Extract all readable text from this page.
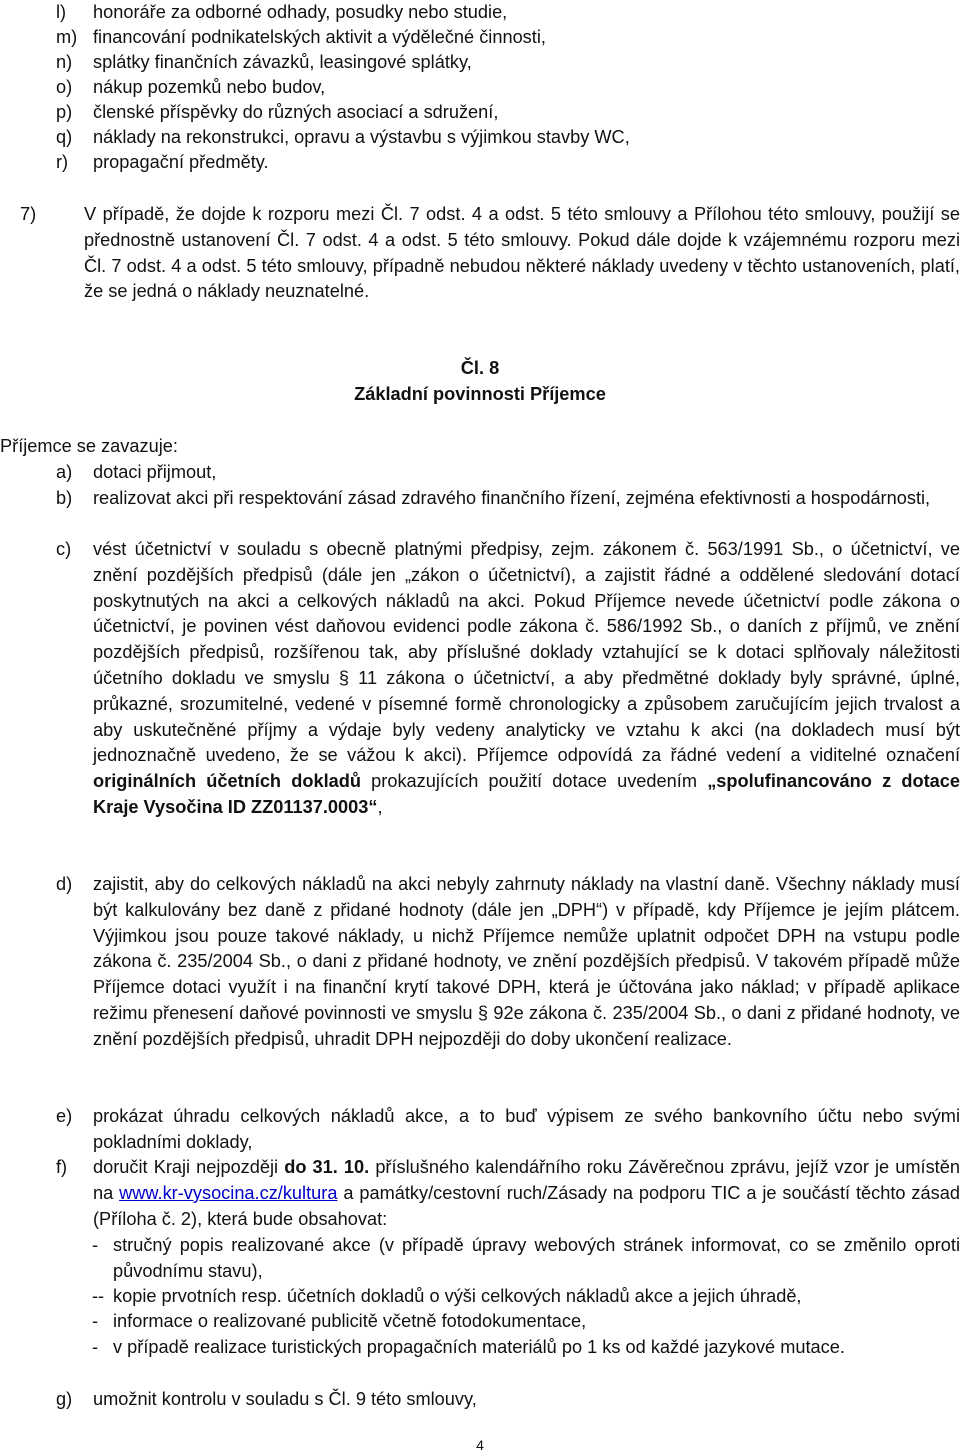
l)	honoráře za odborné odhady, posudky nebo studie,
m) financování podnikatelských aktivit a výdělečné činnosti,
n)	splátky finančních závazků, leasingové splátky,
o)	nákup pozemků nebo budov,
p)	členské příspěvky do různých asociací a sdružení,
q)	náklady na rekonstrukci, opravu a výstavbu s výjimkou stavby WC,
r)	propagační předměty.
7)	V případě, že dojde k rozporu mezi Čl. 7 odst. 4 a odst. 5 této smlouvy a Přílohou této smlouvy, použijí se přednostně ustanovení Čl. 7 odst. 4 a odst. 5 této smlouvy. Pokud dále dojde k vzájemnému rozporu mezi Čl. 7 odst. 4 a odst. 5 této smlouvy, případně nebudou některé náklady uvedeny v těchto ustanoveních, platí, že se jedná o náklady neuznatelné.
Čl. 8
Základní povinnosti Příjemce
Příjemce se zavazuje:
a)	dotaci přijmout,
b)	realizovat akci při respektování zásad zdravého finančního řízení, zejména efektivnosti a hospodárnosti,
c)	vést účetnictví v souladu s obecně platnými předpisy, zejm. zákonem č. 563/1991 Sb., o účetnictví, ve znění pozdějších předpisů (dále jen „zákon o účetnictví), a zajistit řádné a oddělené sledování dotací poskytnutých na akci a celkových nákladů na akci. Pokud Příjemce nevede účetnictví podle zákona o účetnictví, je povinen vést daňovou evidenci podle zákona č. 586/1992 Sb., o daních z příjmů, ve znění pozdějších předpisů, rozšířenou tak, aby příslušné doklady vztahující se k dotaci splňovaly náležitosti účetního dokladu ve smyslu § 11 zákona o účetnictví, a aby předmětné doklady byly správné, úplné, průkazné, srozumitelné, vedené v písemné formě chronologicky a způsobem zaručujícím jejich trvalost a aby uskutečněné příjmy a výdaje byly vedeny analyticky ve vztahu k akci (na dokladech musí být jednoznačně uvedeno, že se vážou k akci). Příjemce odpovídá za řádné vedení a viditelné označení originálních účetních dokladů prokazujících použití dotace uvedením „spolufinancováno z dotace Kraje Vysočina ID ZZ01137.0003“,
d)	zajistit, aby do celkových nákladů na akci nebyly zahrnuty náklady na vlastní daně. Všechny náklady musí být kalkulovány bez daně z přidané hodnoty (dále jen „DPH“) v případě, kdy Příjemce je jejím plátcem. Výjimkou jsou pouze takové náklady, u nichž Příjemce nemůže uplatnit odpočet DPH na vstupu podle zákona č. 235/2004 Sb., o dani z přidané hodnoty, ve znění pozdějších předpisů. V takovém případě může Příjemce dotaci využít i na finanční krytí takové DPH, která je účtována jako náklad; v případě aplikace režimu přenesení daňové povinnosti ve smyslu § 92e zákona č. 235/2004 Sb., o dani z přidané hodnoty, ve znění pozdějších předpisů, uhradit DPH nejpozději do doby ukončení realizace.
e)	prokázat úhradu celkových nákladů akce, a to buď výpisem ze svého bankovního účtu nebo svými pokladními doklady,
f)	doručit Kraji nejpozději do 31. 10. příslušného kalendářního roku Závěrečnou zprávu, jejíž vzor je umístěn na www.kr-vysocina.cz/kultura a památky/cestovní ruch/Zásady na podporu TIC a je součástí těchto zásad (Příloha č. 2), která bude obsahovat:
- stručný popis realizované akce (v případě úpravy webových stránek informovat, co se změnilo oproti původnímu stavu),
-- kopie prvotních resp. účetních dokladů o výši celkových nákladů akce a jejich úhradě,
- informace o realizované publicitě včetně fotodokumentace,
- v případě realizace turistických propagačních materiálů po 1 ks od každé jazykové mutace.
g)	umožnit kontrolu v souladu s Čl. 9 této smlouvy,
4
